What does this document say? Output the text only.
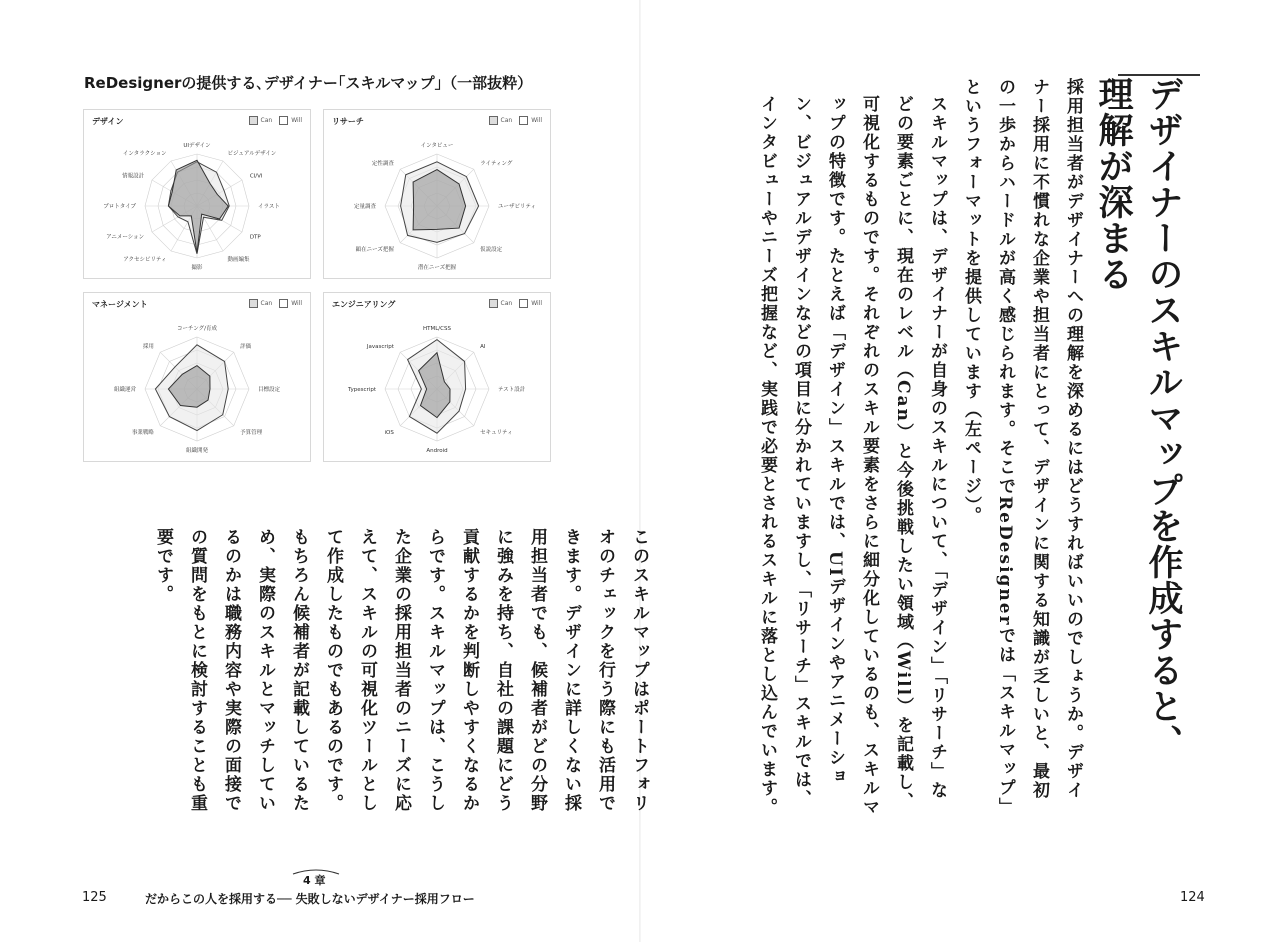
ReDesignerの提供する､デザイナー｢スキルマップ｣（一部抜粋）
デザイン	Can	Will
UIデザイン
ビジュアルデザイン
CI/VI
イラスト
DTP
動画編集
撮影
アクセシビリティ
アニメーション
プロトタイプ
情報設計
インタラクション
リサーチ	Can	Will
インタビュー
ライティング
ユーザビリティ
仮説設定
潜在ニーズ把握
顕在ニーズ把握
定量調査
定性調査
マネージメント	Can	Will
コーチング/育成
評価
目標設定
予算管理
組織開発
事業戦略
組織運営
採用
エンジニアリング	Can	Will
HTML/CSS
AI
テスト設計
セキュリティ
Android
iOS
Typescript
Javascript

このスキルマップはポートフォリオのチェックを行う際にも活用できます。デザインに詳しくない採用担当者でも、候補者がどの分野に強みを持ち、自社の課題にどう貢献するかを判断しやすくなるからです。スキルマップは、こうした企業の採用担当者のニーズに応えて、スキルの可視化ツールとして作成したものでもあるのです。もちろん候補者が記載しているため、実際のスキルとマッチしているのかは職務内容や実際の面接での質問をもとに検討することも重要です。

125
4 章
だからこの人を採用する── 失敗しないデザイナー採用フロー
デザイナーのスキルマップを作成すると、理解が深まる

採用担当者がデザイナーへの理解を深めるにはどうすればいいのでしょうか。デザイナー採用に不慣れな企業や担当者にとって、デザインに関する知識が乏しいと、最初の一歩からハードルが高く感じられます。そこでReDesignerでは「スキルマップ」というフォーマットを提供しています（左ページ）。

スキルマップは、デザイナーが自身のスキルについて、「デザイン」「リサーチ」などの要素ごとに、現在のレベル（Can）と今後挑戦したい領域（Will）を記載し、可視化するものです。それぞれのスキル要素をさらに細分化しているのも、スキルマップの特徴です。たとえば「デザイン」スキルでは、UIデザインやアニメーション、ビジュアルデザインなどの項目に分かれていますし、「リサーチ」スキルでは、インタビューやニーズ把握など、実践で必要とされるスキルに落とし込んでいます。

124
